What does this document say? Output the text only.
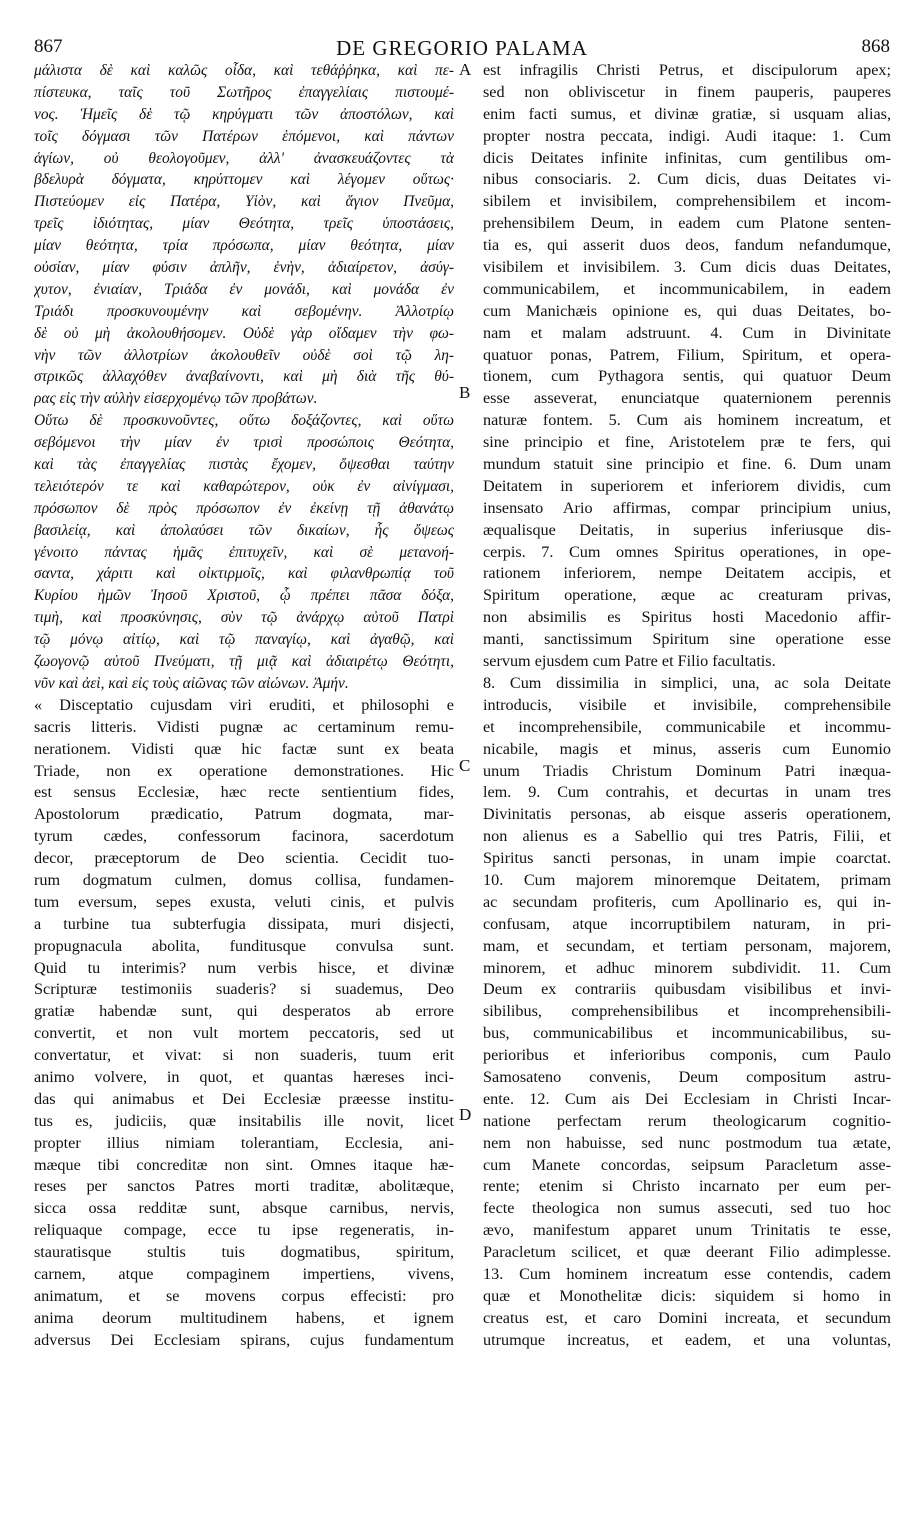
867	DE GREGORIO PALAMA	868
μάλιστα δὲ καὶ καλῶς οἶδα, καὶ τεθάῤῥηκα, καὶ πε-
πίστευκα, ταῖς τοῦ Σωτῆρος ἐπαγγελίαις πιστουμέ-
νος. Ἡμεῖς δὲ τῷ κηρύγματι τῶν ἀποστόλων, καὶ
τοῖς δόγμασι τῶν Πατέρων ἑπόμενοι, καὶ πάντων
ἁγίων, οὐ θεολογοῦμεν, ἀλλ' ἀνασκευάζοντες τὰ
βδελυρὰ δόγματα, κηρύττομεν καὶ λέγομεν οὕτως·
Πιστεύομεν εἰς Πατέρα, Υἱὸν, καὶ ἅγιον Πνεῦμα,
τρεῖς ἰδιότητας, μίαν Θεότητα, τρεῖς ὑποστάσεις,
μίαν θεότητα, τρία πρόσωπα, μίαν θεότητα, μίαν
οὐσίαν, μίαν φύσιν ἁπλῆν, ἑνὴν, ἀδιαίρετον, ἀσύγ-
χυτον, ἐνιαίαν, Τριάδα ἐν μονάδι, καὶ μονάδα ἐν
Τριάδι προσκυνουμένην καὶ σεβομένην. Ἀλλοτρίῳ
δὲ οὐ μὴ ἀκολουθήσομεν. Οὐδὲ γὰρ οἴδαμεν τὴν φω-
νὴν τῶν ἀλλοτρίων ἀκολουθεῖν οὐδὲ σοὶ τῷ λη-
στρικῶς ἀλλαχόθεν ἀναβαίνοντι, καὶ μὴ διὰ τῆς θύ-
ρας εἰς τὴν αὐλὴν εἰσερχομένῳ τῶν προβάτων.
Οὕτω δὲ προσκυνοῦντες, οὕτω δοξάζοντες, καὶ οὕτω
σεβόμενοι τὴν μίαν ἐν τρισὶ προσώποις Θεότητα,
καὶ τὰς ἐπαγγελίας πιστὰς ἔχομεν, ὄψεσθαι ταύτην
τελειότερόν τε καὶ καθαρώτερον, οὐκ ἐν αἰνίγμασι,
πρόσωπον δὲ πρὸς πρόσωπον ἐν ἐκείνῃ τῇ ἀθανάτῳ
βασιλείᾳ, καὶ ἀπολαύσει τῶν δικαίων, ἧς ὄψεως
γένοιτο πάντας ἡμᾶς ἐπιτυχεῖν, καὶ σὲ μετανοή-
σαντα, χάριτι καὶ οἰκτιρμοῖς, καὶ φιλανθρωπίᾳ τοῦ
Κυρίου ἡμῶν Ἰησοῦ Χριστοῦ, ᾧ πρέπει πᾶσα δόξα,
τιμὴ, καὶ προσκύνησις, σὺν τῷ ἀνάρχῳ αὐτοῦ Πατρὶ
τῷ μόνῳ αἰτίῳ, καὶ τῷ παναγίῳ, καὶ ἀγαθῷ, καὶ
ζωογονῷ αὐτοῦ Πνεύματι, τῇ μιᾷ καὶ ἀδιαιρέτῳ Θεότητι,
νῦν καὶ ἀεὶ, καὶ εἰς τοὺς αἰῶνας τῶν αἰώνων. Ἀμήν.
« Disceptatio cujusdam viri eruditi, et philosophi e
sacris litteris. Vidisti pugnæ ac certaminum remu-
nerationem. Vidisti quæ hic factæ sunt ex beata
Triade, non ex operatione demonstrationes. Hic
est sensus Ecclesiæ, hæc recte sentientium fides,
Apostolorum prædicatio, Patrum dogmata, mar-
tyrum cædes, confessorum facinora, sacerdotum
decor, præceptorum de Deo scientia. Cecidit tuo-
rum dogmatum culmen, domus collisa, fundamen-
tum eversum, sepes exusta, veluti cinis, et pulvis
a turbine tua subterfugia dissipata, muri disjecti,
propugnacula abolita, funditusque convulsa sunt.
Quid tu interimis? num verbis hisce, et divinæ
Scripturæ testimoniis suaderis? si suademus, Deo
gratiæ habendæ sunt, qui desperatos ab errore
convertit, et non vult mortem peccatoris, sed ut
convertatur, et vivat: si non suaderis, tuum erit
animo volvere, in quot, et quantas hæreses inci-
das qui animabus et Dei Ecclesiæ præesse institu-
tus es, judiciis, quæ insitabilis ille novit, licet
propter illius nimiam tolerantiam, Ecclesia, ani-
mæque tibi concreditæ non sint. Omnes itaque hæ-
reses per sanctos Patres morti traditæ, abolitæque,
sicca ossa redditæ sunt, absque carnibus, nervis,
reliquaque compage, ecce tu ipse regeneratis, in-
stauratisque stultis tuis dogmatibus, spiritum,
carnem, atque compaginem impertiens, vivens,
animatum, et se movens corpus effecisti: pro
anima deorum multitudinem habens, et ignem
adversus Dei Ecclesiam spirans, cujus fundamentum
est infragilis Christi Petrus, et discipulorum apex;
sed non obliviscetur in finem pauperis, pauperes
enim facti sumus, et divinæ gratiæ, si usquam alias,
propter nostra peccata, indigi. Audi itaque: 1. Cum
dicis Deitates infinite infinitas, cum gentilibus om-
nibus consociaris. 2. Cum dicis, duas Deitates vi-
sibilem et invisibilem, comprehensibilem et incom-
prehensibilem Deum, in eadem cum Platone senten-
tia es, qui asserit duos deos, fandum nefandumque,
visibilem et invisibilem. 3. Cum dicis duas Deitates,
communicabilem, et incommunicabilem, in eadem
cum Manichæis opinione es, qui duas Deitates, bo-
nam et malam adstruunt. 4. Cum in Divinitate
quatuor ponas, Patrem, Filium, Spiritum, et opera-
tionem, cum Pythagora sentis, qui quatuor Deum
esse asseverat, enunciatque quaternionem perennis
naturæ fontem. 5. Cum ais hominem increatum, et
sine principio et fine, Aristotelem præ te fers, qui
mundum statuit sine principio et fine. 6. Dum unam
Deitatem in superiorem et inferiorem dividis, cum
insensato Ario affirmas, compar principium unius,
æqualisque Deitatis, in superius inferiusque dis-
cerpis. 7. Cum omnes Spiritus operationes, in ope-
rationem inferiorem, nempe Deitatem accipis, et
Spiritum operatione, æque ac creaturam privas,
non absimilis es Spiritus hosti Macedonio affir-
manti, sanctissimum Spiritum sine operatione esse
servum ejusdem cum Patre et Filio facultatis.
8. Cum dissimilia in simplici, una, ac sola Deitate
introducis, visibile et invisibile, comprehensibile
et incomprehensibile, communicabile et incommu-
nicabile, magis et minus, asseris cum Eunomio
unum Triadis Christum Dominum Patri inæqua-
lem. 9. Cum contrahis, et decurtas in unam tres
Divinitatis personas, ab eisque asseris operationem,
non alienus es a Sabellio qui tres Patris, Filii, et
Spiritus sancti personas, in unam impie coarctat.
10. Cum majorem minoremque Deitatem, primam
ac secundam profiteris, cum Apollinario es, qui in-
confusam, atque incorruptibilem naturam, in pri-
mam, et secundam, et tertiam personam, majorem,
minorem, et adhuc minorem subdividit. 11. Cum
Deum ex contrariis quibusdam visibilibus et invi-
sibilibus, comprehensibilibus et incomprehensibili-
bus, communicabilibus et incommunicabilibus, su-
perioribus et inferioribus componis, cum Paulo
Samosateno convenis, Deum compositum astru-
ente. 12. Cum ais Dei Ecclesiam in Christi Incar-
natione perfectam rerum theologicarum cognitio-
nem non habuisse, sed nunc postmodum tua ætate,
cum Manete concordas, seipsum Paracletum asse-
rente; etenim si Christo incarnato per eum per-
fecte theologica non sumus assecuti, sed tuo hoc
ævo, manifestum apparet unum Trinitatis te esse,
Paracletum scilicet, et quæ deerant Filio adimplesse.
13. Cum hominem increatum esse contendis, cadem
quæ et Monothelitæ dicis: siquidem si homo in
creatus est, et caro Domini increata, et secundum
utrumque increatus, et eadem, et una voluntas,
A
B
C
D
